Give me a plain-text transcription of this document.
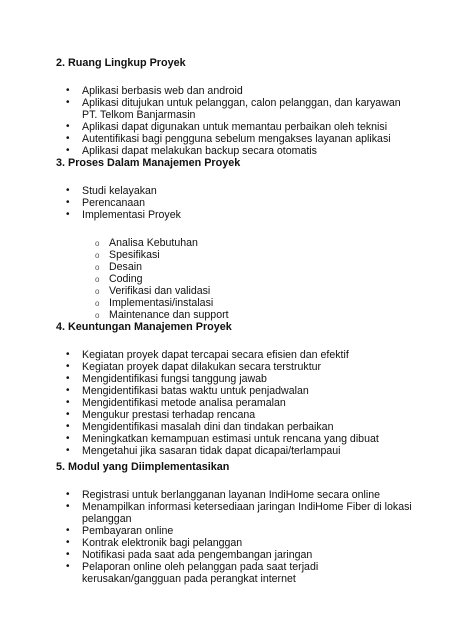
2. Ruang Lingkup Proyek
• Aplikasi berbasis web dan android
• Aplikasi ditujukan untuk pelanggan, calon pelanggan, dan karyawan PT. Telkom Banjarmasin
• Aplikasi dapat digunakan untuk memantau perbaikan oleh teknisi
• Autentifikasi bagi pengguna sebelum mengakses layanan aplikasi
• Aplikasi dapat melakukan backup secara otomatis
3. Proses Dalam Manajemen Proyek
• Studi kelayakan
• Perencanaan
• Implementasi Proyek
o Analisa Kebutuhan
o Spesifikasi
o Desain
o Coding
o Verifikasi dan validasi
o Implementasi/instalasi
o Maintenance dan support
4. Keuntungan Manajemen Proyek
• Kegiatan proyek dapat tercapai secara efisien dan efektif
• Kegiatan proyek dapat dilakukan secara terstruktur
• Mengidentifikasi fungsi tanggung jawab
• Mengidentifikasi batas waktu untuk penjadwalan
• Mengidentifikasi metode analisa peramalan
• Mengukur prestasi terhadap rencana
• Mengidentifikasi masalah dini dan tindakan perbaikan
• Meningkatkan kemampuan estimasi untuk rencana yang dibuat
• Mengetahui jika sasaran tidak dapat dicapai/terlampaui
5. Modul yang Diimplementasikan
• Registrasi untuk berlangganan layanan IndiHome secara online
• Menampilkan informasi ketersediaan jaringan IndiHome Fiber di lokasi pelanggan
• Pembayaran online
• Kontrak elektronik bagi pelanggan
• Notifikasi pada saat ada pengembangan jaringan
• Pelaporan online oleh pelanggan pada saat terjadi kerusakan/gangguan pada perangkat internet
